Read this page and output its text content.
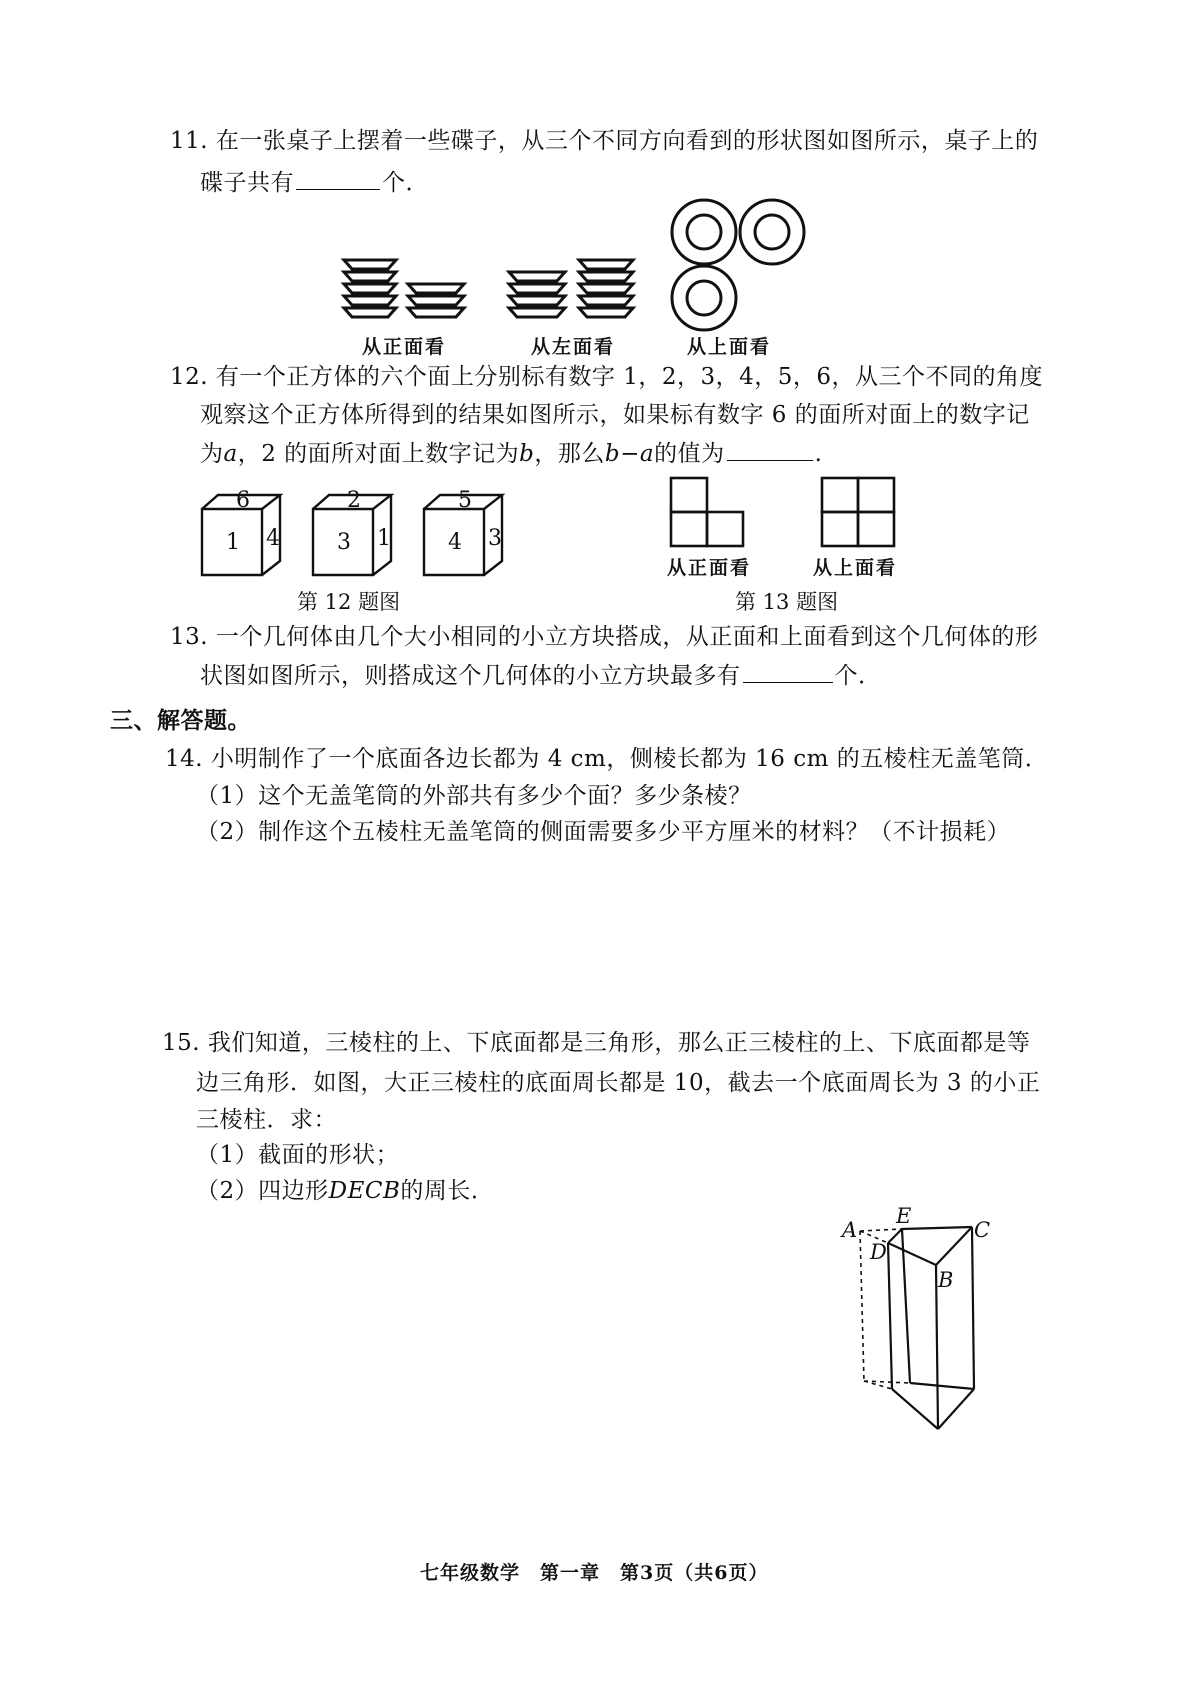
11. 在一张桌子上摆着一些碟子，从三个不同方向看到的形状图如图所示，桌子上的
碟子共有	个．
从正面看	从左面看	从上面看
12. 有一个正方体的六个面上分别标有数字 1，2，3，4，5，6，从三个不同的角度
观察这个正方体所得到的结果如图所示，如果标有数字 6 的面所对面上的数字记
为a，2 的面所对面上数字记为b，那么b−a的值为	.
6
1 4
2
3 1
5
4 3
第 12 题图
从正面看	从上面看
第 13 题图
13. 一个几何体由几个大小相同的小立方块搭成，从正面和上面看到这个几何体的形
状图如图所示，则搭成这个几何体的小立方块最多有	个．
三、解答题。
14. 小明制作了一个底面各边长都为 4 cm，侧棱长都为 16 cm 的五棱柱无盖笔筒．
（1）这个无盖笔筒的外部共有多少个面？多少条棱？
（2）制作这个五棱柱无盖笔筒的侧面需要多少平方厘米的材料？（不计损耗）
15. 我们知道，三棱柱的上、下底面都是三角形，那么正三棱柱的上、下底面都是等
边三角形．如图，大正三棱柱的底面周长都是 10，截去一个底面周长为 3 的小正
三棱柱．求：
（1）截面的形状；
（2）四边形DECB的周长．
A
E
C
D
B
七年级数学　第一章　第3页（共6页）
